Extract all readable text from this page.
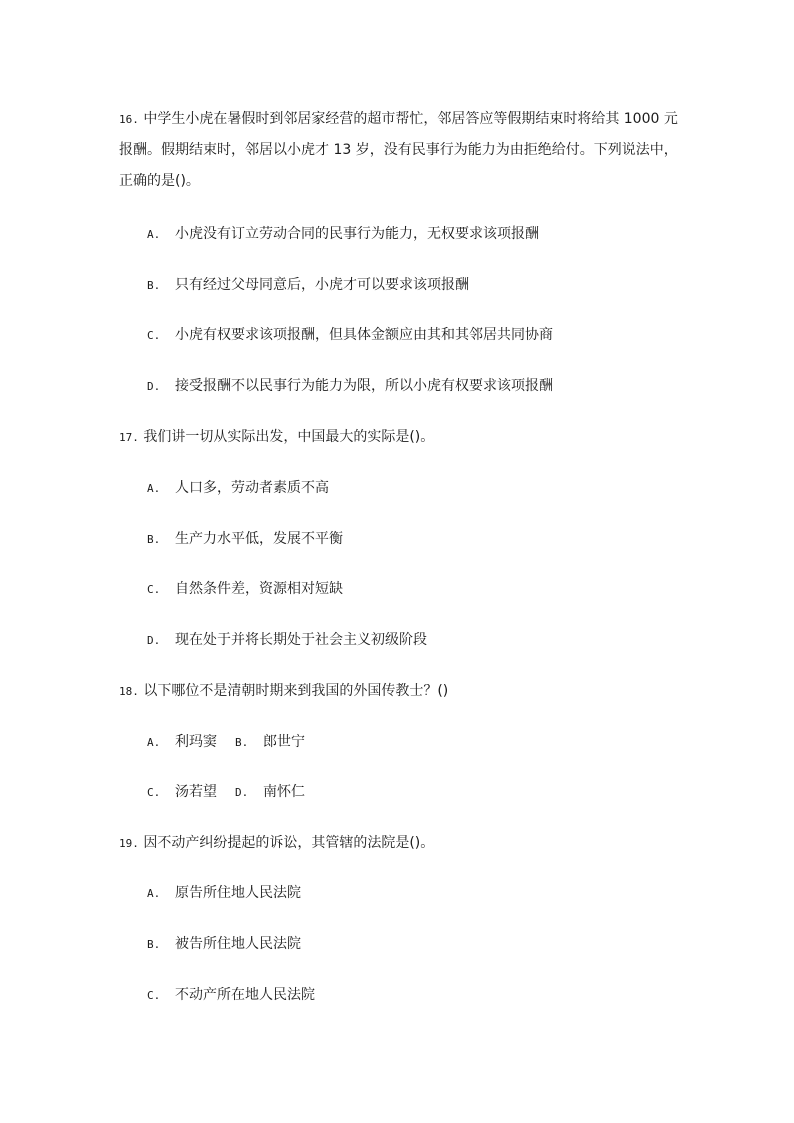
16. 中学生小虎在暑假时到邻居家经营的超市帮忙，邻居答应等假期结束时将给其 1000 元
报酬。假期结束时，邻居以小虎才 13 岁，没有民事行为能力为由拒绝给付。下列说法中，
正确的是()。
A. 小虎没有订立劳动合同的民事行为能力，无权要求该项报酬
B. 只有经过父母同意后，小虎才可以要求该项报酬
C. 小虎有权要求该项报酬，但具体金额应由其和其邻居共同协商
D. 接受报酬不以民事行为能力为限，所以小虎有权要求该项报酬
17. 我们讲一切从实际出发，中国最大的实际是()。
A. 人口多，劳动者素质不高
B. 生产力水平低，发展不平衡
C. 自然条件差，资源相对短缺
D. 现在处于并将长期处于社会主义初级阶段
18. 以下哪位不是清朝时期来到我国的外国传教士？()
A. 利玛窦 B. 郎世宁
C. 汤若望 D. 南怀仁
19. 因不动产纠纷提起的诉讼，其管辖的法院是()。
A. 原告所住地人民法院
B. 被告所住地人民法院
C. 不动产所在地人民法院
